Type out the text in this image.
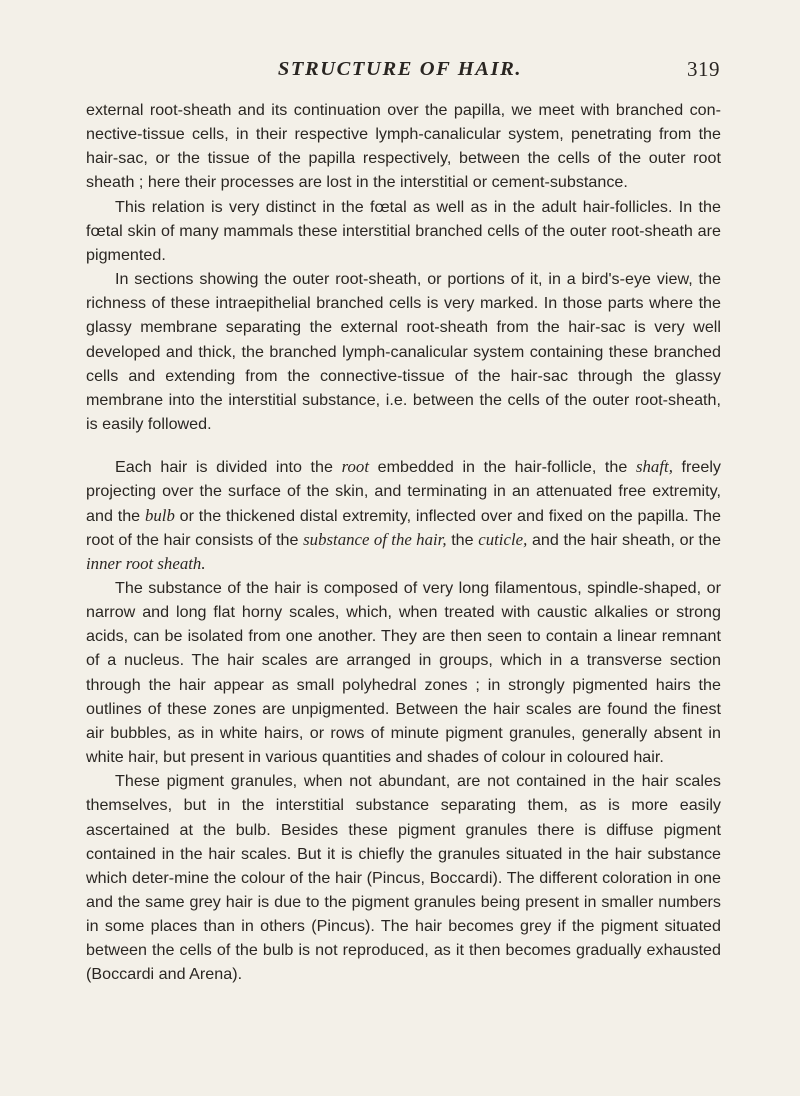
STRUCTURE OF HAIR.	319

external root-sheath and its continuation over the papilla, we meet with branched con-nective-tissue cells, in their respective lymph-canalicular system, penetrating from the hair-sac, or the tissue of the papilla respectively, between the cells of the outer root sheath ; here their processes are lost in the interstitial or cement-substance.

This relation is very distinct in the fœtal as well as in the adult hair-follicles. In the fœtal skin of many mammals these interstitial branched cells of the outer root-sheath are pigmented.

In sections showing the outer root-sheath, or portions of it, in a bird's-eye view, the richness of these intraepithelial branched cells is very marked. In those parts where the glassy membrane separating the external root-sheath from the hair-sac is very well developed and thick, the branched lymph-canalicular system containing these branched cells and extending from the connective-tissue of the hair-sac through the glassy membrane into the interstitial substance, i.e. between the cells of the outer root-sheath, is easily followed.

Each hair is divided into the root embedded in the hair-follicle, the shaft, freely projecting over the surface of the skin, and terminating in an attenuated free extremity, and the bulb or the thickened distal extremity, inflected over and fixed on the papilla. The root of the hair consists of the substance of the hair, the cuticle, and the hair sheath, or the inner root sheath.

The substance of the hair is composed of very long filamentous, spindle-shaped, or narrow and long flat horny scales, which, when treated with caustic alkalies or strong acids, can be isolated from one another. They are then seen to contain a linear remnant of a nucleus. The hair scales are arranged in groups, which in a transverse section through the hair appear as small polyhedral zones ; in strongly pigmented hairs the outlines of these zones are unpigmented. Between the hair scales are found the finest air bubbles, as in white hairs, or rows of minute pigment granules, generally absent in white hair, but present in various quantities and shades of colour in coloured hair.

These pigment granules, when not abundant, are not contained in the hair scales themselves, but in the interstitial substance separating them, as is more easily ascertained at the bulb. Besides these pigment granules there is diffuse pigment contained in the hair scales. But it is chiefly the granules situated in the hair substance which deter-mine the colour of the hair (Pincus, Boccardi). The different coloration in one and the same grey hair is due to the pigment granules being present in smaller numbers in some places than in others (Pincus). The hair becomes grey if the pigment situated between the cells of the bulb is not reproduced, as it then becomes gradually exhausted (Boccardi and Arena).
